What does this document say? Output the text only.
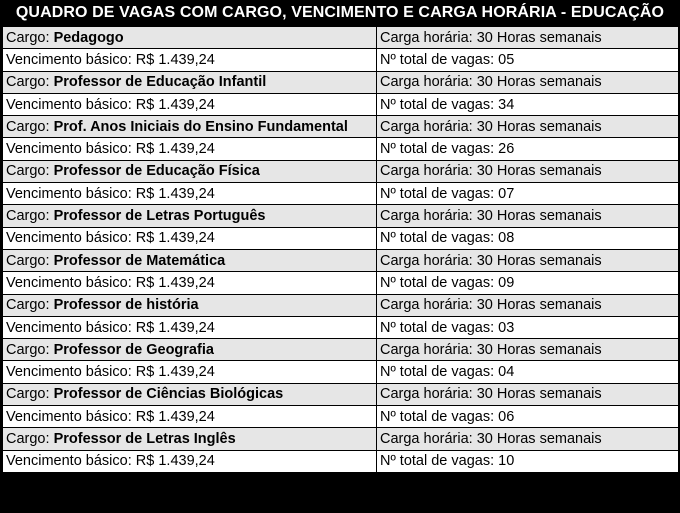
QUADRO DE VAGAS COM CARGO, VENCIMENTO E CARGA HORÁRIA - EDUCAÇÃO
Cargo: Pedagogo	Carga horária: 30 Horas semanais
Vencimento básico: R$ 1.439,24	Nº total de vagas: 05
Cargo: Professor de Educação Infantil	Carga horária: 30 Horas semanais
Vencimento básico: R$ 1.439,24	Nº total de vagas: 34
Cargo: Prof. Anos Iniciais do Ensino Fundamental	Carga horária: 30 Horas semanais
Vencimento básico: R$ 1.439,24	Nº total de vagas: 26
Cargo: Professor de Educação Física	Carga horária: 30 Horas semanais
Vencimento básico: R$ 1.439,24	Nº total de vagas: 07
Cargo: Professor de Letras Português	Carga horária: 30 Horas semanais
Vencimento básico: R$ 1.439,24	Nº total de vagas: 08
Cargo: Professor de Matemática	Carga horária: 30 Horas semanais
Vencimento básico: R$ 1.439,24	Nº total de vagas: 09
Cargo: Professor de história	Carga horária: 30 Horas semanais
Vencimento básico: R$ 1.439,24	Nº total de vagas: 03
Cargo: Professor de Geografia	Carga horária: 30 Horas semanais
Vencimento básico: R$ 1.439,24	Nº total de vagas: 04
Cargo: Professor de Ciências Biológicas	Carga horária: 30 Horas semanais
Vencimento básico: R$ 1.439,24	Nº total de vagas: 06
Cargo: Professor de Letras Inglês	Carga horária: 30 Horas semanais
Vencimento básico: R$ 1.439,24	Nº total de vagas: 10
